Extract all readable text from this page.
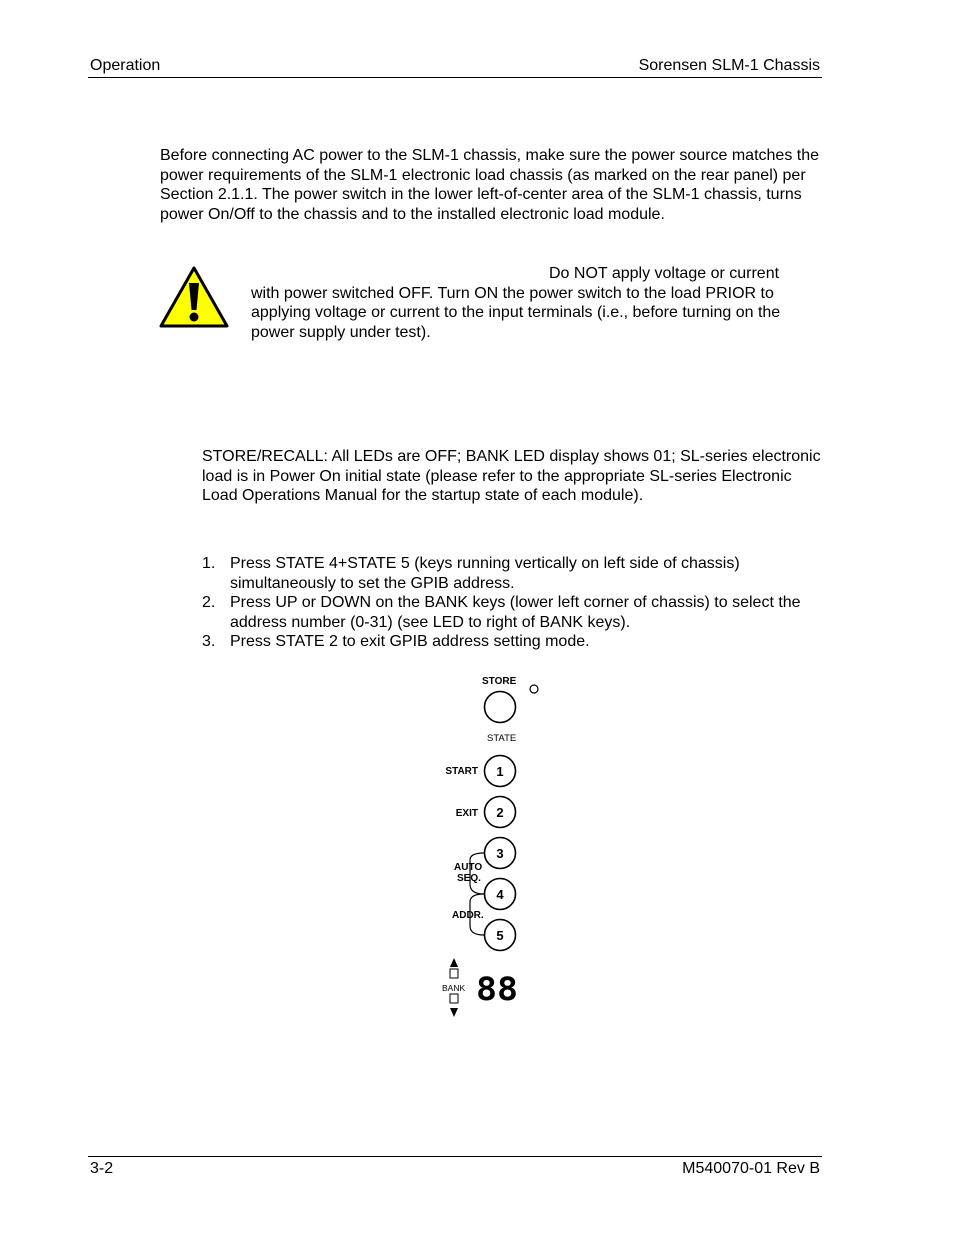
Operation	Sorensen SLM-1 Chassis
Before connecting AC power to the SLM-1 chassis, make sure the power source matches the power requirements of the SLM-1 electronic load chassis (as marked on the rear panel) per Section 2.1.1. The power switch in the lower left-of-center area of the SLM-1 chassis, turns power On/Off to the chassis and to the installed electronic load module.
Do NOT apply voltage or current
with power switched OFF. Turn ON the power switch to the load PRIOR to applying voltage or current to the input terminals (i.e., before turning on the power supply under test).
STORE/RECALL: All LEDs are OFF; BANK LED display shows 01; SL-series electronic load is in Power On initial state (please refer to the appropriate SL-series Electronic Load Operations Manual for the startup state of each module).
1. Press STATE 4+STATE 5 (keys running vertically on left side of chassis) simultaneously to set the GPIB address.
2. Press UP or DOWN on the BANK keys (lower left corner of chassis) to select the address number (0-31) (see LED to right of BANK keys).
3. Press STATE 2 to exit GPIB address setting mode.
STORE
STATE
START
EXIT
1
2
3
4
5
AUTO
SEQ.
ADDR.
BANK 88
3-2	M540070-01 Rev B
